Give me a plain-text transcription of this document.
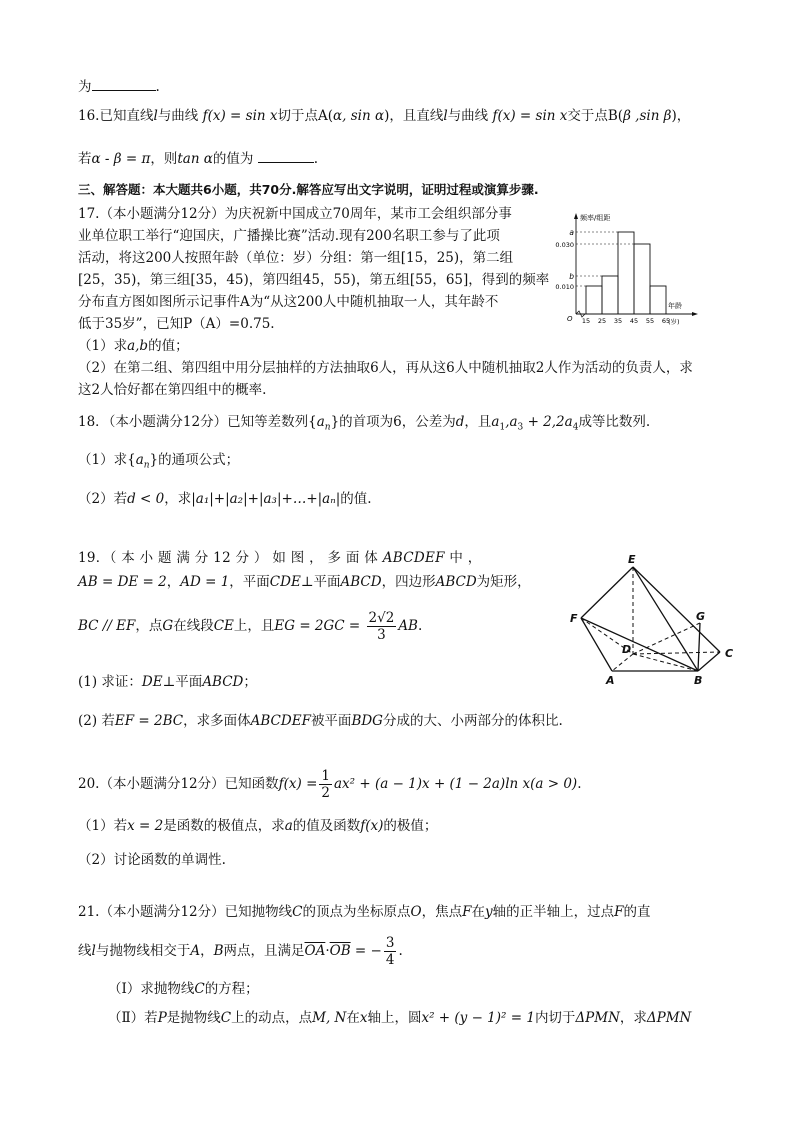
为	.
16.已知直线l与曲线 f(x) = sin x切于点A(α, sin α)，且直线l与曲线 f(x) = sin x交于点B(β ,sin β)，
若α - β = π，则tan α的值为	.
三、解答题：本大题共6小题，共70分.解答应写出文字说明，证明过程或演算步骤.
17.（本小题满分12分）为庆祝新中国成立70周年，某市工会组织部分事
业单位职工举行“迎国庆，广播操比赛”活动.现有200名职工参与了此项
活动，将这200人按照年龄（单位：岁）分组：第一组[15，25)，第二组
[25，35)，第三组[35，45)，第四组45，55)，第五组[55，65]，得到的频率
分布直方图如图所示记事件A为“从这200人中随机抽取一人，其年龄不
低于35岁”，已知P（A）=0.75.
（1）求a,b的值；
（2）在第二组、第四组中用分层抽样的方法抽取6人，再从这6人中随机抽取2人作为活动的负责人，求
这2人恰好都在第四组中的概率.
频率/组距
年龄
(岁)
O
a
0.030
b
0.010
15 25 35 45 55 65
18．（本小题满分12分）已知等差数列$\{a_n\}$的首项为6，公差为d，且$a_1,a_3 + 2,2a_4$成等比数列.
（1）求$\{a_n\}$的通项公式；
（2）若d < 0，求|a₁|+|a₂|+|a₃|+…+|aₙ|的值.
19．（ 本 小 题 满 分 12 分 ） 如 图 ， 多 面 体 ABCDEF 中 ，
AB = DE = 2，AD = 1，平面CDE⊥平面ABCD，四边形ABCD为矩形，
BC // EF，点G在线段CE上，且EG = $2GC = \frac{2√2}{3}$ AB.
(1) 求证：DE⊥平面ABCD；
(2) 若EF = 2BC，求多面体ABCDEF被平面BDG分成的大、小两部分的体积比.
E
F	G
D	C
A	B
20.（本小题满分12分）已知函数$f(x) = \frac{1}{2} ax^2 + (a - 1)x + (1 - 2a)\ln$ x(a > 0).
（1）若x = 2是函数的极值点，求a的值及函数f(x)的极值；
（2）讨论函数的单调性.
21.（本小题满分12分）已知抛物线C的顶点为坐标原点O，焦点F在y轴的正半轴上，过点F的直
线l与抛物线相交于A，B两点，且满足$\overline{OA}\cdot\overline{OB}$ = − $\frac{3}{4}$ .
（Ⅰ）求抛物线C的方程；
（Ⅱ）若P是抛物线C上的动点，点M, N在x轴上，圆x² + (y − 1)² = 1内切于ΔPMN，求ΔPMN
